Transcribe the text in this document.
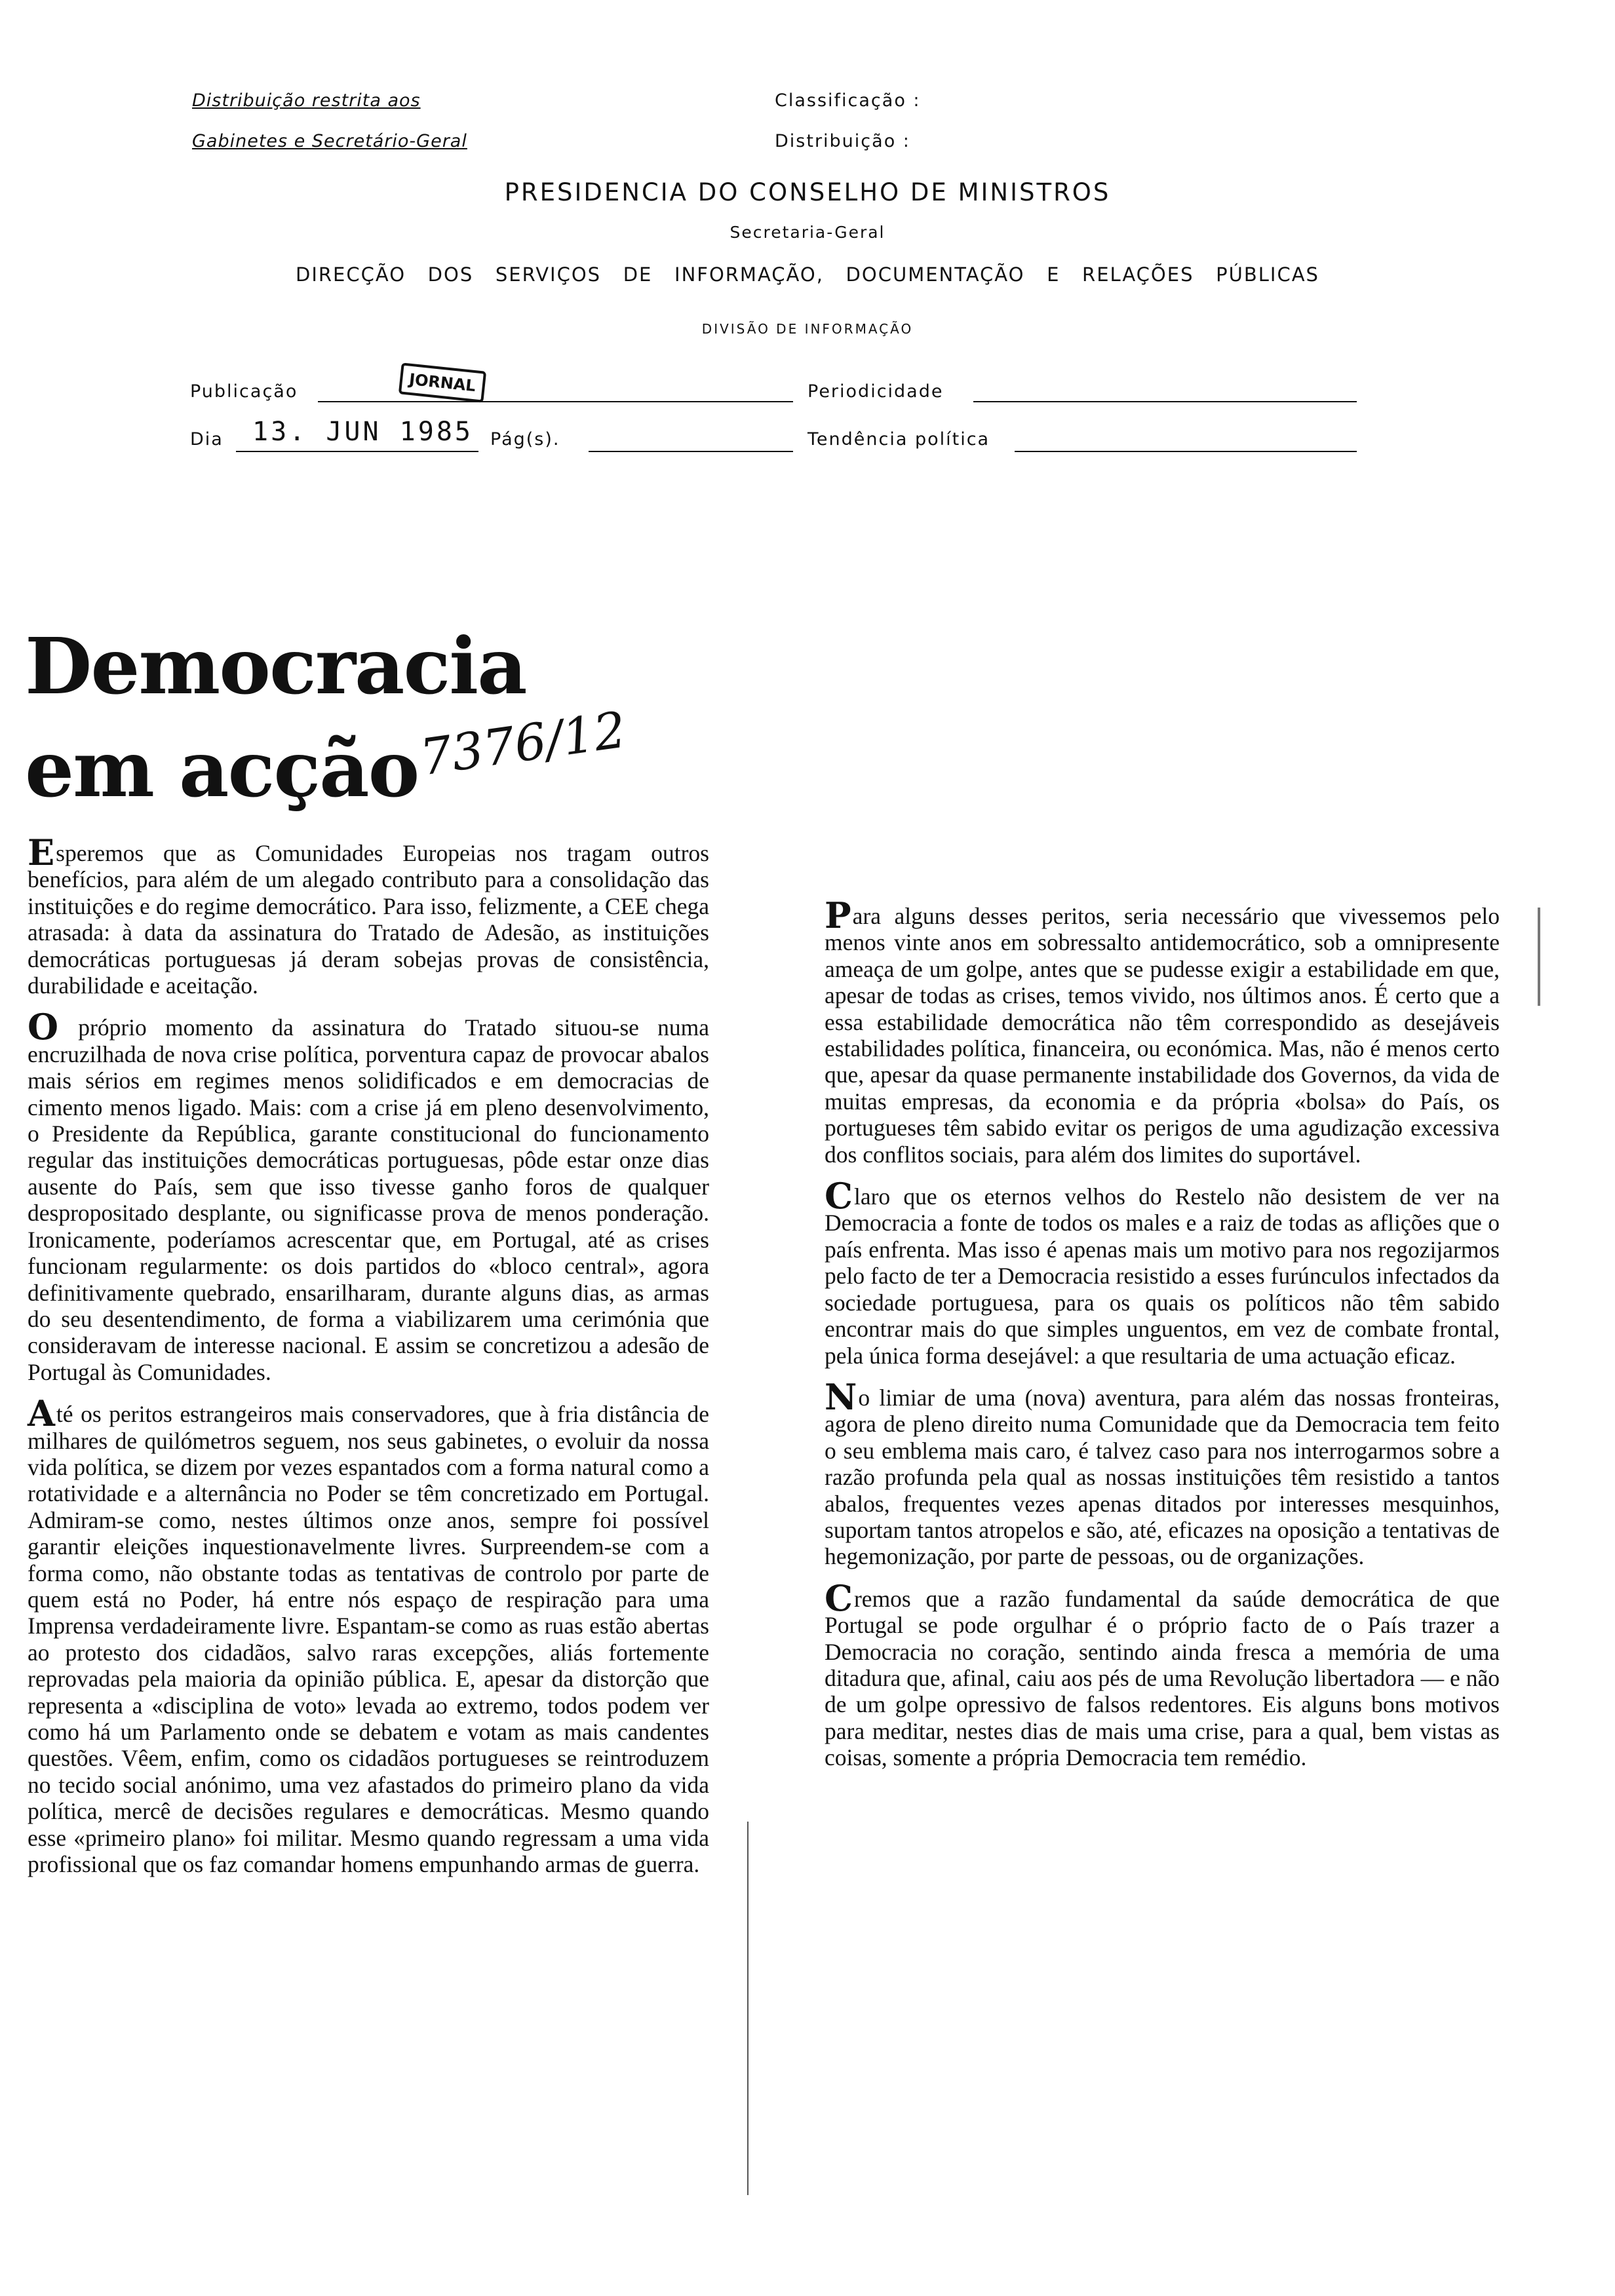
Distribuição restrita aos
Gabinetes e Secretário-Geral
Classificação :
Distribuição :
PRESIDENCIA DO CONSELHO DE MINISTROS
Secretaria-Geral
DIRECÇÃO   DOS   SERVIÇOS   DE   INFORMAÇÃO,   DOCUMENTAÇÃO   E   RELAÇÕES   PÚBLICAS
DIVISÃO DE INFORMAÇÃO
Publicação	JORNAL	Periodicidade
Dia 13. JUN 1985 Pág(s).	Tendência política
Democracia
em acção
7376/12

Esperemos que as Comunidades Europeias nos tragam outros benefícios, para além de um alegado contributo para a consolidação das instituições e do regime democrático. Para isso, felizmente, a CEE chega atrasada: à data da assinatura do Tratado de Adesão, as instituições democráticas portuguesas já deram sobejas provas de consistência, durabilidade e aceitação.

O próprio momento da assinatura do Tratado situou-se numa encruzilhada de nova crise política, porventura capaz de provocar abalos mais sérios em regimes menos solidificados e em democracias de cimento menos ligado. Mais: com a crise já em pleno desenvolvimento, o Presidente da República, garante constitucional do funcionamento regular das instituições democráticas portuguesas, pôde estar onze dias ausente do País, sem que isso tivesse ganho foros de qualquer despropositado desplante, ou significasse prova de menos ponderação. Ironicamente, poderíamos acrescentar que, em Portugal, até as crises funcionam regularmente: os dois partidos do «bloco central», agora definitivamente quebrado, ensarilharam, durante alguns dias, as armas do seu desentendimento, de forma a viabilizarem uma cerimónia que consideravam de interesse nacional. E assim se concretizou a adesão de Portugal às Comunidades.

Até os peritos estrangeiros mais conservadores, que à fria distância de milhares de quilómetros seguem, nos seus gabinetes, o evoluir da nossa vida política, se dizem por vezes espantados com a forma natural como a rotatividade e a alternância no Poder se têm concretizado em Portugal. Admiram-se como, nestes últimos onze anos, sempre foi possível garantir eleições inquestionavelmente livres. Surpreendem-se com a forma como, não obstante todas as tentativas de controlo por parte de quem está no Poder, há entre nós espaço de respiração para uma Imprensa verdadeiramente livre. Espantam-se como as ruas estão abertas ao protesto dos cidadãos, salvo raras excepções, aliás fortemente reprovadas pela maioria da opinião pública. E, apesar da distorção que representa a «disciplina de voto» levada ao extremo, todos podem ver como há um Parlamento onde se debatem e votam as mais candentes questões. Vêem, enfim, como os cidadãos portugueses se reintroduzem no tecido social anónimo, uma vez afastados do primeiro plano da vida política, mercê de decisões regulares e democráticas. Mesmo quando esse «primeiro plano» foi militar. Mesmo quando regressam a uma vida profissional que os faz comandar homens empunhando armas de guerra.

Para alguns desses peritos, seria necessário que vivessemos pelo menos vinte anos em sobressalto antidemocrático, sob a omnipresente ameaça de um golpe, antes que se pudesse exigir a estabilidade em que, apesar de todas as crises, temos vivido, nos últimos anos. É certo que a essa estabilidade democrática não têm correspondido as desejáveis estabilidades política, financeira, ou económica. Mas, não é menos certo que, apesar da quase permanente instabilidade dos Governos, da vida de muitas empresas, da economia e da própria «bolsa» do País, os portugueses têm sabido evitar os perigos de uma agudização excessiva dos conflitos sociais, para além dos limites do suportável.

Claro que os eternos velhos do Restelo não desistem de ver na Democracia a fonte de todos os males e a raiz de todas as aflições que o país enfrenta. Mas isso é apenas mais um motivo para nos regozijarmos pelo facto de ter a Democracia resistido a esses furúnculos infectados da sociedade portuguesa, para os quais os políticos não têm sabido encontrar mais do que simples unguentos, em vez de combate frontal, pela única forma desejável: a que resultaria de uma actuação eficaz.

No limiar de uma (nova) aventura, para além das nossas fronteiras, agora de pleno direito numa Comunidade que da Democracia tem feito o seu emblema mais caro, é talvez caso para nos interrogarmos sobre a razão profunda pela qual as nossas instituições têm resistido a tantos abalos, frequentes vezes apenas ditados por interesses mesquinhos, suportam tantos atropelos e são, até, eficazes na oposição a tentativas de hegemonização, por parte de pessoas, ou de organizações.

Cremos que a razão fundamental da saúde democrática de que Portugal se pode orgulhar é o próprio facto de o País trazer a Democracia no coração, sentindo ainda fresca a memória de uma ditadura que, afinal, caiu aos pés de uma Revolução libertadora — e não de um golpe opressivo de falsos redentores. Eis alguns bons motivos para meditar, nestes dias de mais uma crise, para a qual, bem vistas as coisas, somente a própria Democracia tem remédio.
